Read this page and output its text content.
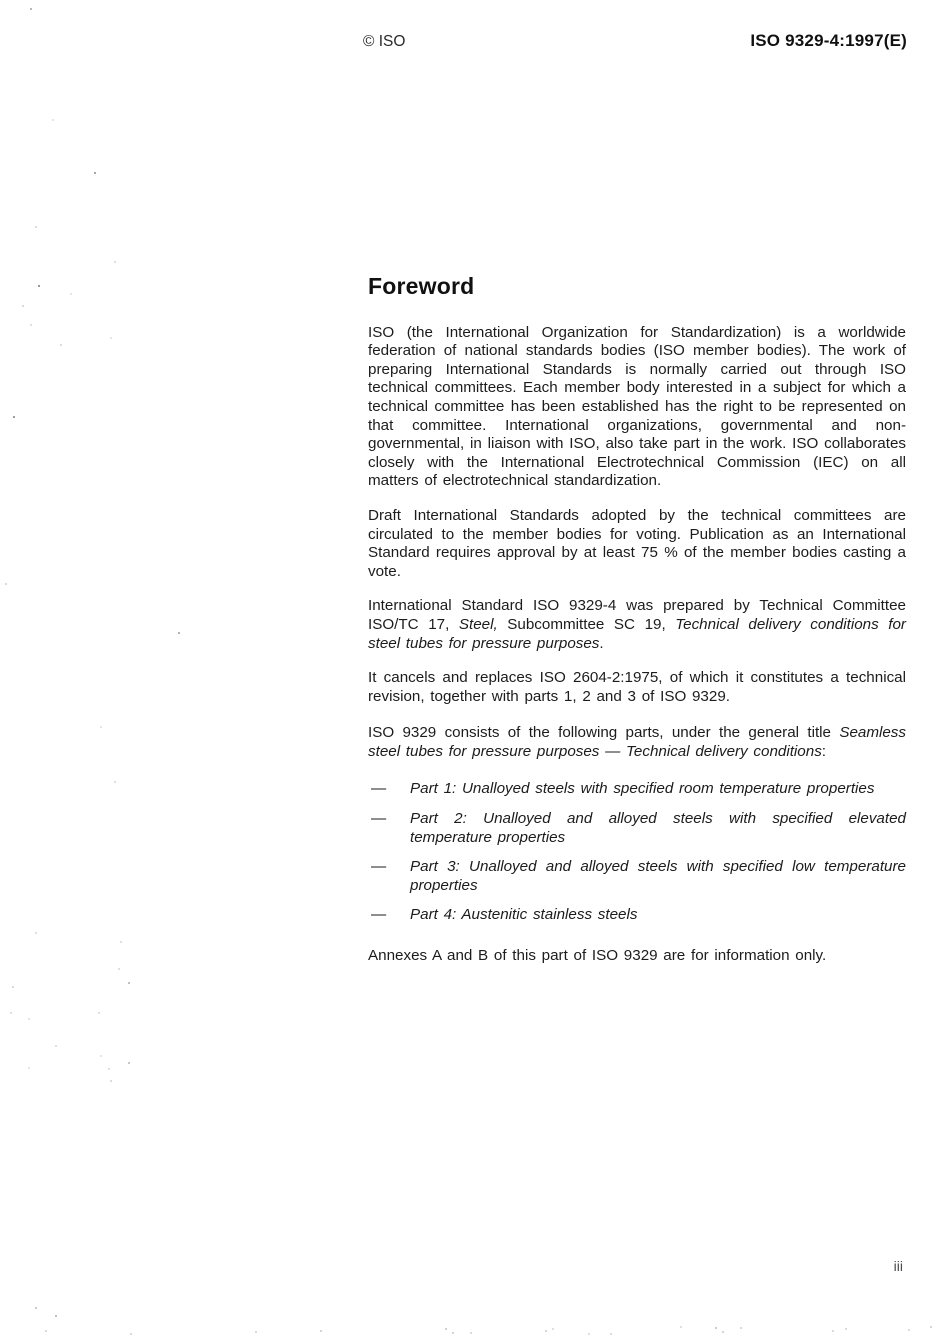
© ISO	ISO 9329-4:1997(E)
Foreword

ISO (the International Organization for Standardization) is a worldwide federation of national standards bodies (ISO member bodies). The work of preparing International Standards is normally carried out through ISO technical committees. Each member body interested in a subject for which a technical committee has been established has the right to be represented on that committee. International organizations, governmental and non-governmental, in liaison with ISO, also take part in the work. ISO collaborates closely with the International Electrotechnical Commission (IEC) on all matters of electrotechnical standardization.

Draft International Standards adopted by the technical committees are circulated to the member bodies for voting. Publication as an International Standard requires approval by at least 75 % of the member bodies casting a vote.

International Standard ISO 9329-4 was prepared by Technical Committee ISO/TC 17, Steel, Subcommittee SC 19, Technical delivery conditions for steel tubes for pressure purposes.

It cancels and replaces ISO 2604-2:1975, of which it constitutes a technical revision, together with parts 1, 2 and 3 of ISO 9329.

ISO 9329 consists of the following parts, under the general title Seamless steel tubes for pressure purposes — Technical delivery conditions:

— Part 1: Unalloyed steels with specified room temperature properties
— Part 2: Unalloyed and alloyed steels with specified elevated temperature properties
— Part 3: Unalloyed and alloyed steels with specified low temperature properties
— Part 4: Austenitic stainless steels

Annexes A and B of this part of ISO 9329 are for information only.

iii
